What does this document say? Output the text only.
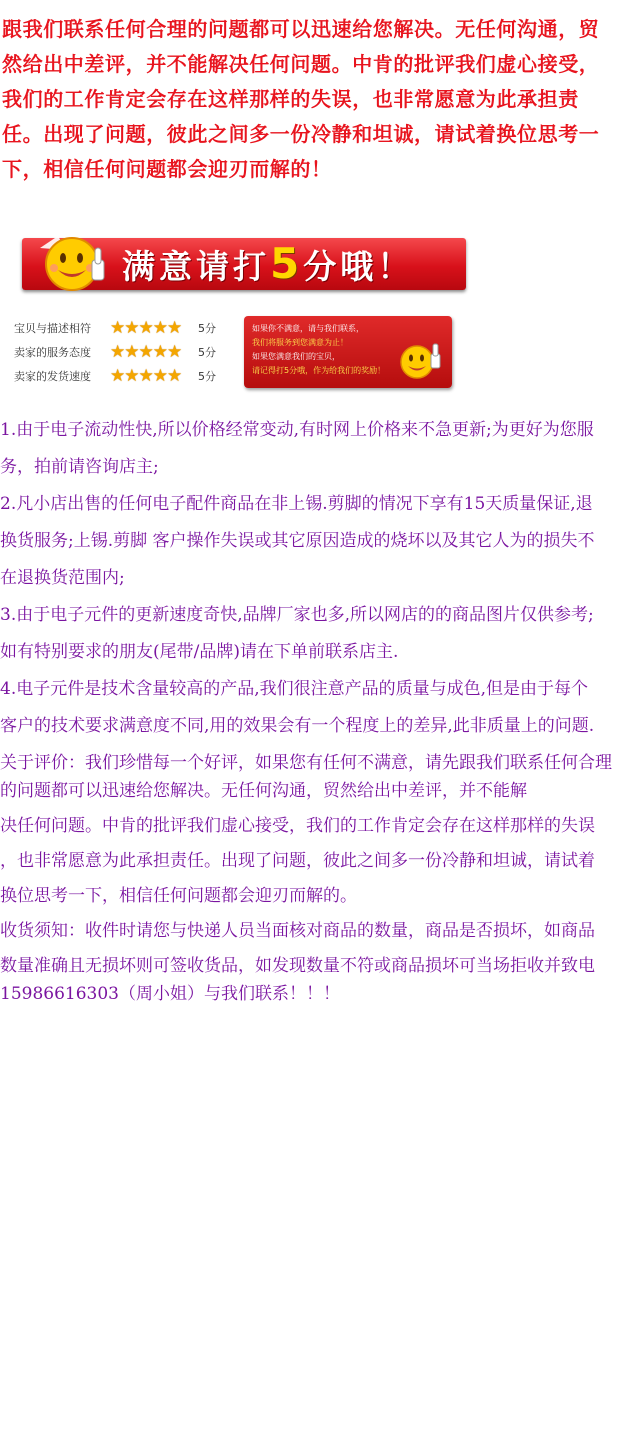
跟我们联系任何合理的问题都可以迅速给您解决。无任何沟通，贸然给出中差评，并不能解决任何问题。中肯的批评我们虚心接受，我们的工作肯定会存在这样那样的失误，也非常愿意为此承担责任。出现了问题，彼此之间多一份冷静和坦诚，请试着换位思考一下，相信任何问题都会迎刃而解的！
满意请打5分哦！
宝贝与描述相符	★★★★★	5分
卖家的服务态度	★★★★★	5分
卖家的发货速度	★★★★★	5分
如果你不满意，请与我们联系，
我们将服务到您满意为止！
如果您满意我们的宝贝，
请记得打5分哦，作为给我们的奖励！

1.由于电子流动性快,所以价格经常变动,有时网上价格来不急更新;为更好为您服

务，拍前请咨询店主;

2.凡小店出售的任何电子配件商品在非上锡.剪脚的情况下享有15天质量保证,退

换货服务;上锡.剪脚 客户操作失误或其它原因造成的烧坏以及其它人为的损失不

在退换货范围内;

3.由于电子元件的更新速度奇快,品牌厂家也多,所以网店的的商品图片仅供参考;

如有特别要求的朋友(尾带/品牌)请在下单前联系店主.

4.电子元件是技术含量较高的产品,我们很注意产品的质量与成色,但是由于每个

客户的技术要求满意度不同,用的效果会有一个程度上的差异,此非质量上的问题.

关于评价：我们珍惜每一个好评，如果您有任何不满意，请先跟我们联系任何合理的问题都可以迅速给您解决。无任何沟通，贸然给出中差评，并不能解

决任何问题。中肯的批评我们虚心接受，我们的工作肯定会存在这样那样的失误

，也非常愿意为此承担责任。出现了问题，彼此之间多一份冷静和坦诚，请试着

换位思考一下，相信任何问题都会迎刃而解的。

收货须知：收件时请您与快递人员当面核对商品的数量，商品是否损坏，如商品

数量准确且无损坏则可签收货品，如发现数量不符或商品损坏可当场拒收并致电15986616303（周小姐）与我们联系！！！
